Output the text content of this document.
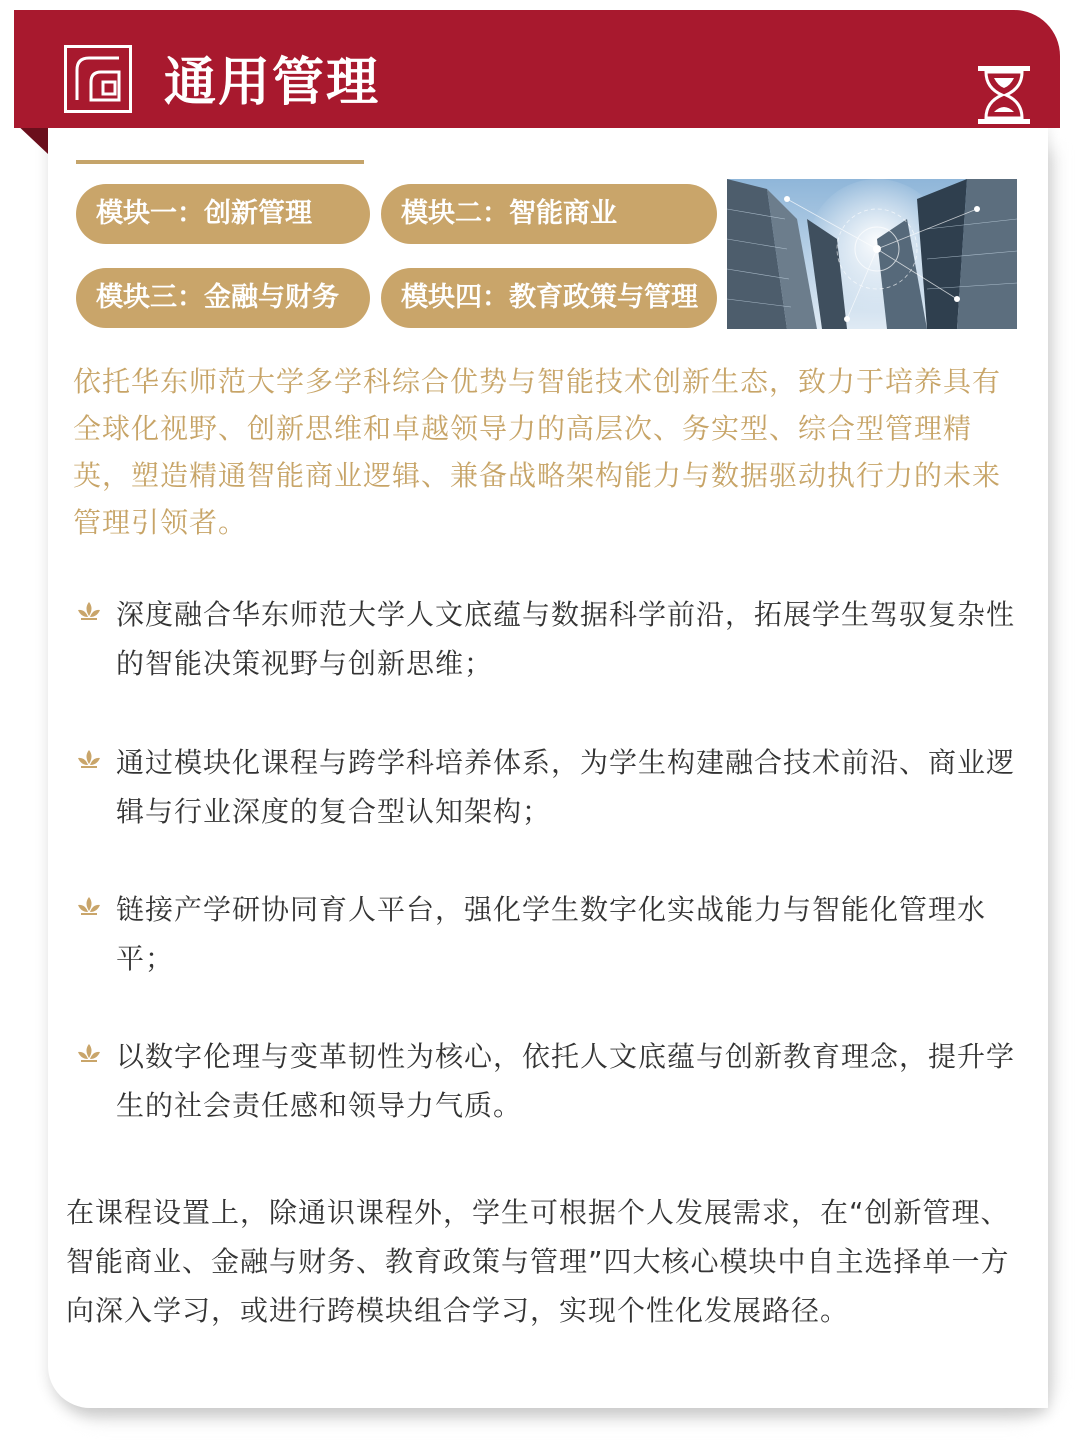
通用管理
模块一：创新管理	模块二：智能商业
模块三：金融与财务	模块四：教育政策与管理
依托华东师范大学多学科综合优势与智能技术创新生态，致力于培养具有全球化视野、创新思维和卓越领导力的高层次、务实型、综合型管理精英，塑造精通智能商业逻辑、兼备战略架构能力与数据驱动执行力的未来管理引领者。
深度融合华东师范大学人文底蕴与数据科学前沿，拓展学生驾驭复杂性的智能决策视野与创新思维；
通过模块化课程与跨学科培养体系，为学生构建融合技术前沿、商业逻辑与行业深度的复合型认知架构；
链接产学研协同育人平台，强化学生数字化实战能力与智能化管理水平；
以数字伦理与变革韧性为核心，依托人文底蕴与创新教育理念，提升学生的社会责任感和领导力气质。
在课程设置上，除通识课程外，学生可根据个人发展需求，在“创新管理、智能商业、金融与财务、教育政策与管理”四大核心模块中自主选择单一方向深入学习，或进行跨模块组合学习，实现个性化发展路径。
